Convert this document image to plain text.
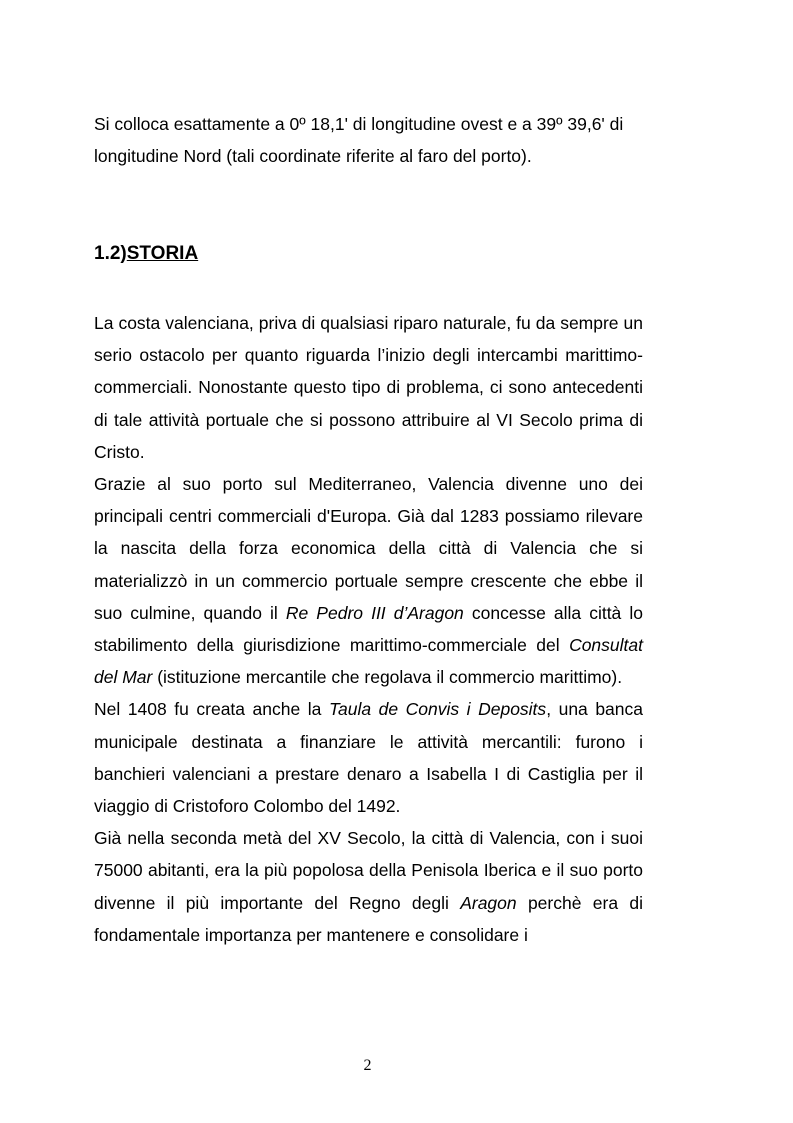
Si colloca esattamente a 0º 18,1' di longitudine ovest e a 39º 39,6' di longitudine Nord (tali coordinate riferite al faro del porto).
1.2)STORIA

La costa valenciana, priva di qualsiasi riparo naturale, fu da sempre un serio ostacolo per quanto riguarda l’inizio degli intercambi marittimo-commerciali. Nonostante questo tipo di problema, ci sono antecedenti di tale attività portuale che si possono attribuire al VI Secolo prima di Cristo.

Grazie al suo porto sul Mediterraneo, Valencia divenne uno dei principali centri commerciali d'Europa. Già dal 1283 possiamo rilevare la nascita della forza economica della città di Valencia che si materializzò in un commercio portuale sempre crescente che ebbe il suo culmine, quando il Re Pedro III d’Aragon concesse alla città lo stabilimento della giurisdizione marittimo-commerciale del Consultat del Mar (istituzione mercantile che regolava il commercio marittimo).

Nel 1408 fu creata anche la Taula de Convis i Deposits, una banca municipale destinata a finanziare le attività mercantili: furono i banchieri valenciani a prestare denaro a Isabella I di Castiglia per il viaggio di Cristoforo Colombo del 1492.

Già nella seconda metà del XV Secolo, la città di Valencia, con i suoi 75000 abitanti, era la più popolosa della Penisola Iberica e il suo porto divenne il più importante del Regno degli Aragon perchè era di fondamentale importanza per mantenere e consolidare i

2
